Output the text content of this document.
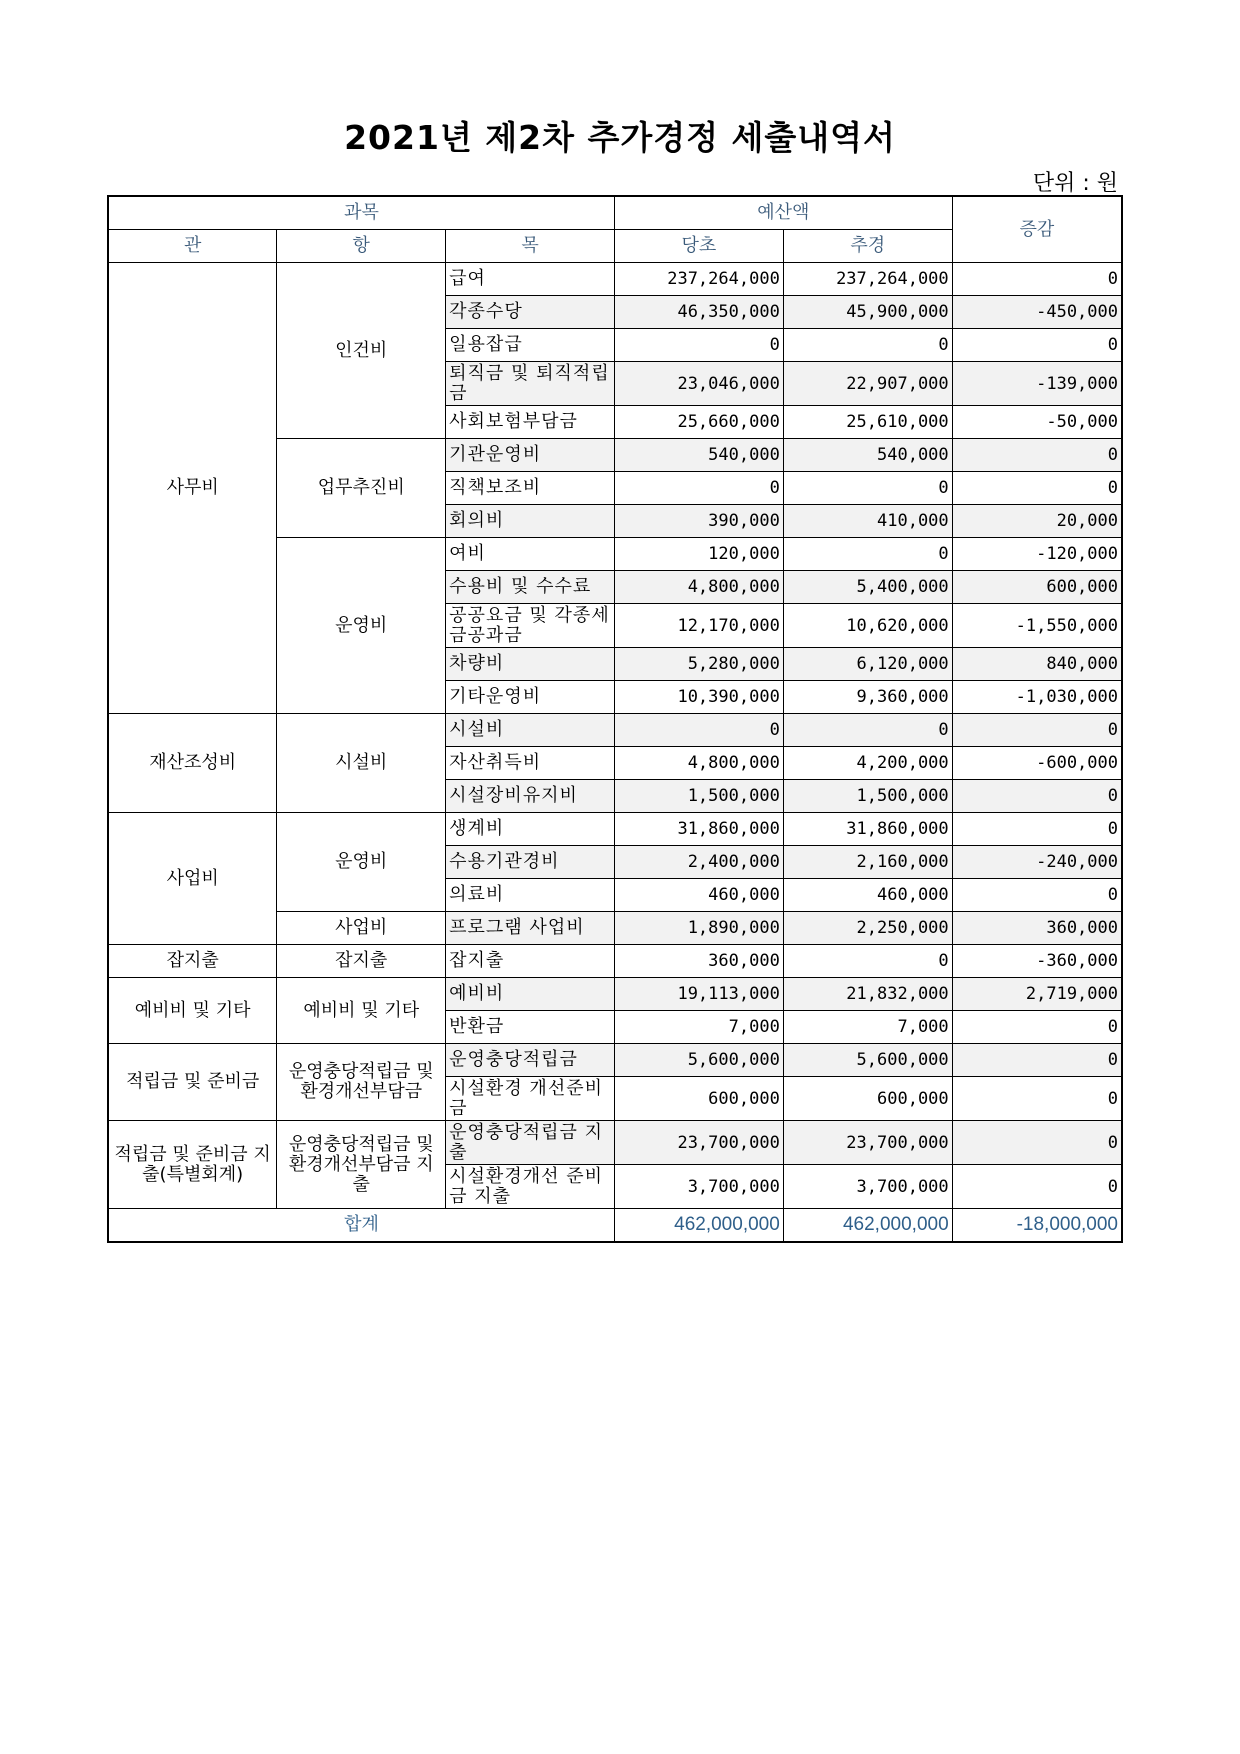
2021년 제2차 추가경정 세출내역서
단위 : 원
과목			예산액		증감
관	항	목	당초	추경	
사무비	인건비	급여	237,264,000	237,264,000	0
		각종수당	46,350,000	45,900,000	-450,000
		일용잡급	0	0	0
		퇴직금 및 퇴직적립금	23,046,000	22,907,000	-139,000
		사회보험부담금	25,660,000	25,610,000	-50,000
	업무추진비	기관운영비	540,000	540,000	0
		직책보조비	0	0	0
		회의비	390,000	410,000	20,000
	운영비	여비	120,000	0	-120,000
		수용비 및 수수료	4,800,000	5,400,000	600,000
		공공요금 및 각종세금공과금	12,170,000	10,620,000	-1,550,000
		차량비	5,280,000	6,120,000	840,000
		기타운영비	10,390,000	9,360,000	-1,030,000
재산조성비	시설비	시설비	0	0	0
		자산취득비	4,800,000	4,200,000	-600,000
		시설장비유지비	1,500,000	1,500,000	0
사업비	운영비	생계비	31,860,000	31,860,000	0
		수용기관경비	2,400,000	2,160,000	-240,000
		의료비	460,000	460,000	0
	사업비	프로그램 사업비	1,890,000	2,250,000	360,000
잡지출	잡지출	잡지출	360,000	0	-360,000
예비비 및 기타	예비비 및 기타	예비비	19,113,000	21,832,000	2,719,000
		반환금	7,000	7,000	0
적립금 및 준비금	운영충당적립금 및 환경개선부담금	운영충당적립금	5,600,000	5,600,000	0
		시설환경 개선준비금	600,000	600,000	0
적립금 및 준비금 지출(특별회계)	운영충당적립금 및 환경개선부담금 지출	운영충당적립금 지출	23,700,000	23,700,000	0
		시설환경개선 준비금 지출	3,700,000	3,700,000	0
합계			462,000,000	462,000,000	-18,000,000
